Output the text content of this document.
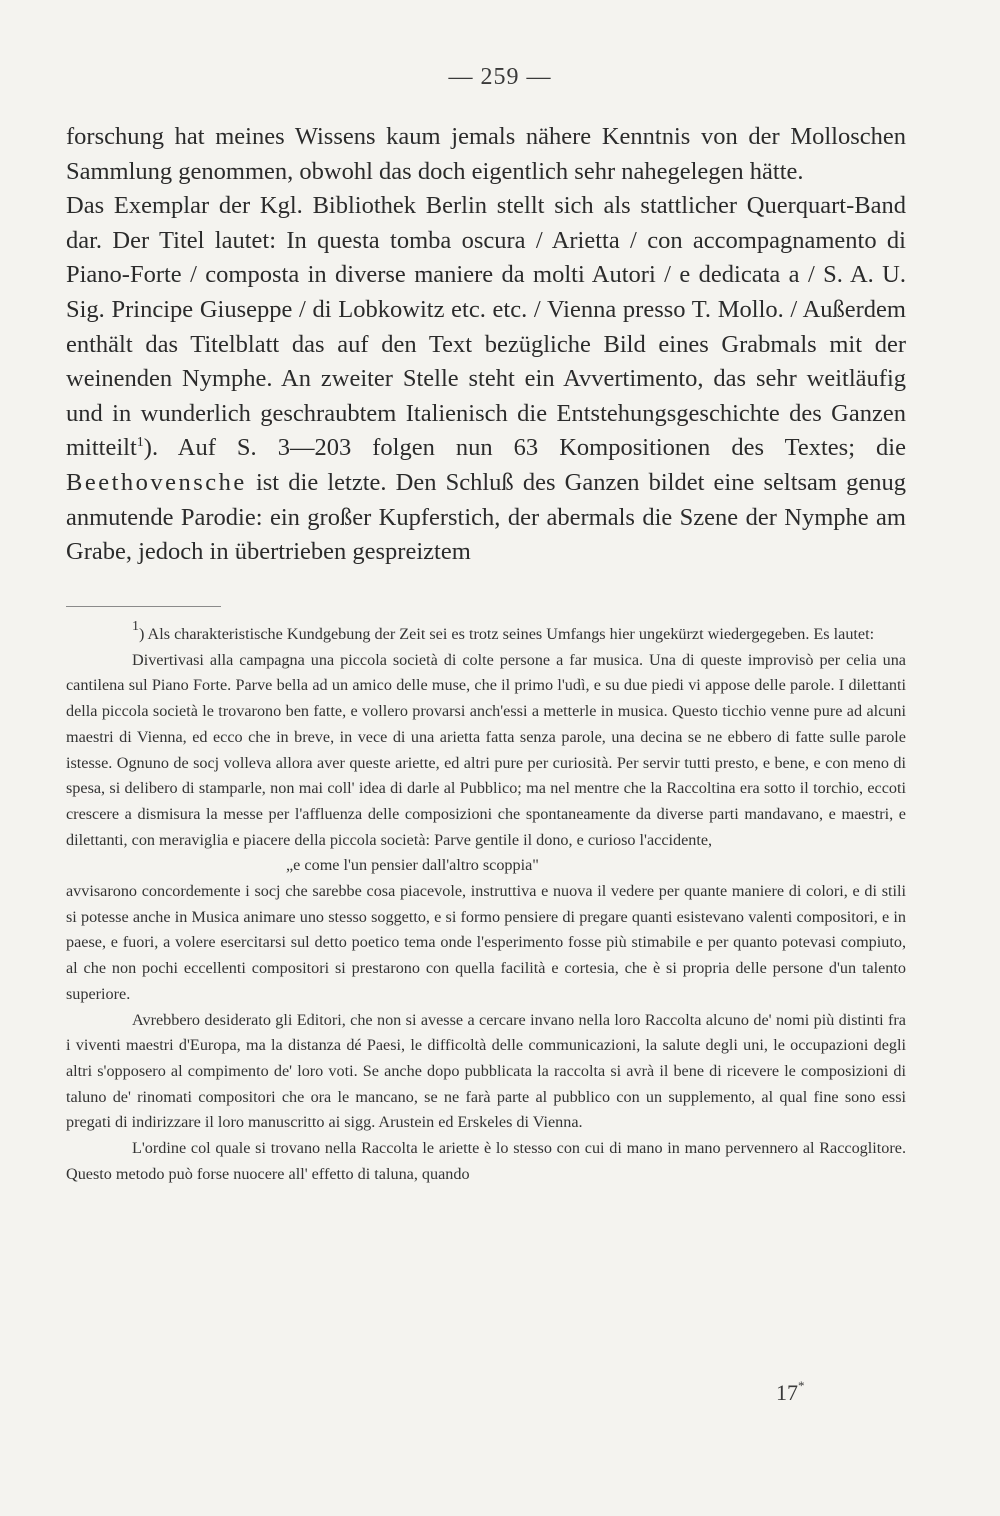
— 259 —

forschung hat meines Wissens kaum jemals nähere Kenntnis von der Molloschen Sammlung genommen, obwohl das doch eigentlich sehr nahegelegen hätte.

Das Exemplar der Kgl. Bibliothek Berlin stellt sich als stattlicher Querquart-Band dar. Der Titel lautet: In questa tomba oscura / Arietta / con accompagnamento di Piano-Forte / composta in diverse maniere da molti Autori / e dedicata a / S. A. U. Sig. Principe Giuseppe / di Lobkowitz etc. etc. / Vienna presso T. Mollo. / Außerdem enthält das Titelblatt das auf den Text bezügliche Bild eines Grabmals mit der weinenden Nymphe. An zweiter Stelle steht ein Avvertimento, das sehr weitläufig und in wunderlich geschraubtem Italienisch die Entstehungsgeschichte des Ganzen mitteilt$^1$). Auf S. 3—203 folgen nun 63 Kompositionen des Textes; die Beethovensche ist die letzte. Den Schluß des Ganzen bildet eine seltsam genug anmutende Parodie: ein großer Kupferstich, der abermals die Szene der Nymphe am Grabe, jedoch in übertrieben gespreiztem

$^1$) Als charakteristische Kundgebung der Zeit sei es trotz seines Umfangs hier ungekürzt wiedergegeben. Es lautet:

Divertivasi alla campagna una piccola società di colte persone a far musica. Una di queste improvisò per celia una cantilena sul Piano Forte. Parve bella ad un amico delle muse, che il primo l'udì, e su due piedi vi appose delle parole. I dilettanti della piccola società le trovarono ben fatte, e vollero provarsi anch'essi a metterle in musica. Questo ticchio venne pure ad alcuni maestri di Vienna, ed ecco che in breve, in vece di una arietta fatta senza parole, una decina se ne ebbero di fatte sulle parole istesse. Ognuno de socj volleva allora aver queste ariette, ed altri pure per curiosità. Per servir tutti presto, e bene, e con meno di spesa, si delibero di stamparle, non mai coll' idea di darle al Pubblico; ma nel mentre che la Raccoltina era sotto il torchio, eccoti crescere a dismisura la messe per l'affluenza delle composizioni che spontaneamente da diverse parti mandavano, e maestri, e dilettanti, con meraviglia e piacere della piccola società: Parve gentile il dono, e curioso l'accidente,

„e come l'un pensier dall'altro scoppia"

avvisarono concordemente i socj che sarebbe cosa piacevole, instruttiva e nuova il vedere per quante maniere di colori, e di stili si potesse anche in Musica animare uno stesso soggetto, e si formo pensiere di pregare quanti esistevano valenti compositori, e in paese, e fuori, a volere esercitarsi sul detto poetico tema onde l'esperimento fosse più stimabile e per quanto potevasi compiuto, al che non pochi eccellenti compositori si prestarono con quella facilità e cortesia, che è si propria delle persone d'un talento superiore.

Avrebbero desiderato gli Editori, che non si avesse a cercare invano nella loro Raccolta alcuno de' nomi più distinti fra i viventi maestri d'Europa, ma la distanza dé Paesi, le difficoltà delle communicazioni, la salute degli uni, le occupazioni degli altri s'opposero al compimento de' loro voti. Se anche dopo pubblicata la raccolta si avrà il bene di ricevere le composizioni di taluno de' rinomati compositori che ora le mancano, se ne farà parte al pubblico con un supplemento, al qual fine sono essi pregati di indirizzare il loro manuscritto ai sigg. Arustein ed Erskeles di Vienna.

L'ordine col quale si trovano nella Raccolta le ariette è lo stesso con cui di mano in mano pervennero al Raccoglitore. Questo metodo può forse nuocere all' effetto di taluna, quando

17*
